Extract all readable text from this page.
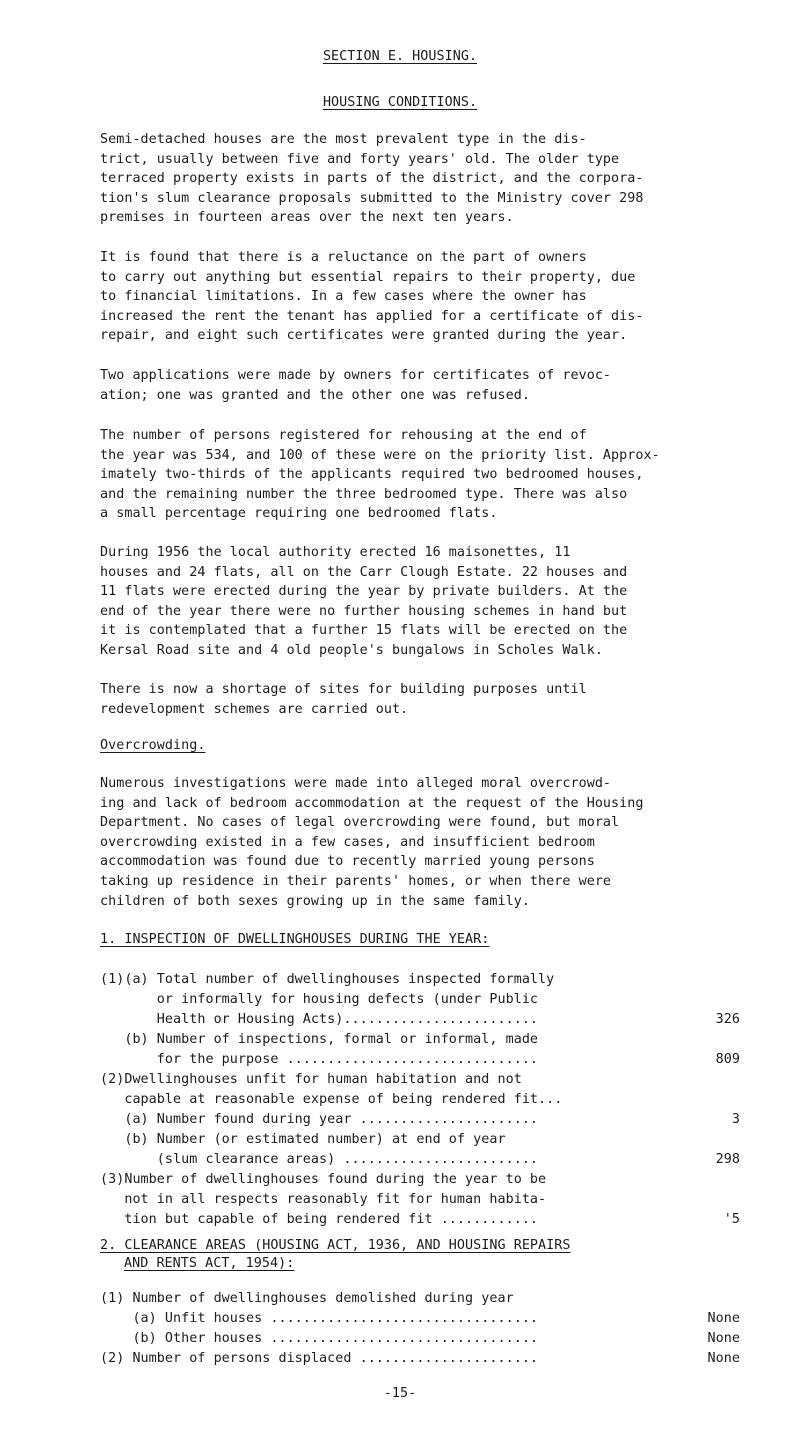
SECTION E. HOUSING.
HOUSING CONDITIONS.
Semi-detached houses are the most prevalent type in the dis-
trict, usually between five and forty years' old. The older type
terraced property exists in parts of the district, and the corpora-
tion's slum clearance proposals submitted to the Ministry cover 298
premises in fourteen areas over the next ten years.
It is found that there is a reluctance on the part of owners
to carry out anything but essential repairs to their property, due
to financial limitations. In a few cases where the owner has
increased the rent the tenant has applied for a certificate of dis-
repair, and eight such certificates were granted during the year.
Two applications were made by owners for certificates of revoc-
ation; one was granted and the other one was refused.
The number of persons registered for rehousing at the end of
the year was 534, and 100 of these were on the priority list. Approx-
imately two-thirds of the applicants required two bedroomed houses,
and the remaining number the three bedroomed type. There was also
a small percentage requiring one bedroomed flats.
During 1956 the local authority erected 16 maisonettes, 11
houses and 24 flats, all on the Carr Clough Estate. 22 houses and
11 flats were erected during the year by private builders. At the
end of the year there were no further housing schemes in hand but
it is contemplated that a further 15 flats will be erected on the
Kersal Road site and 4 old people's bungalows in Scholes Walk.
There is now a shortage of sites for building purposes until
redevelopment schemes are carried out.
Overcrowding.
Numerous investigations were made into alleged moral overcrowd-
ing and lack of bedroom accommodation at the request of the Housing
Department. No cases of legal overcrowding were found, but moral
overcrowding existed in a few cases, and insufficient bedroom
accommodation was found due to recently married young persons
taking up residence in their parents' homes, or when there were
children of both sexes growing up in the same family.
1. INSPECTION OF DWELLINGHOUSES DURING THE YEAR:
(1)(a) Total number of dwellinghouses inspected formally
or informally for housing defects (under Public
Health or Housing Acts)........................	326
(b) Number of inspections, formal or informal, made
for the purpose ...............................	809
(2)Dwellinghouses unfit for human habitation and not
capable at reasonable expense of being rendered fit...
(a) Number found during year ......................	3
(b) Number (or estimated number) at end of year
(slum clearance areas) ........................	298
(3)Number of dwellinghouses found during the year to be
not in all respects reasonably fit for human habita-
tion but capable of being rendered fit ............	'5
2. CLEARANCE AREAS (HOUSING ACT, 1936, AND HOUSING REPAIRS
AND RENTS ACT, 1954):
(1) Number of dwellinghouses demolished during year
(a) Unfit houses .................................	None
(b) Other houses .................................	None
(2) Number of persons displaced ......................	None
-15-
